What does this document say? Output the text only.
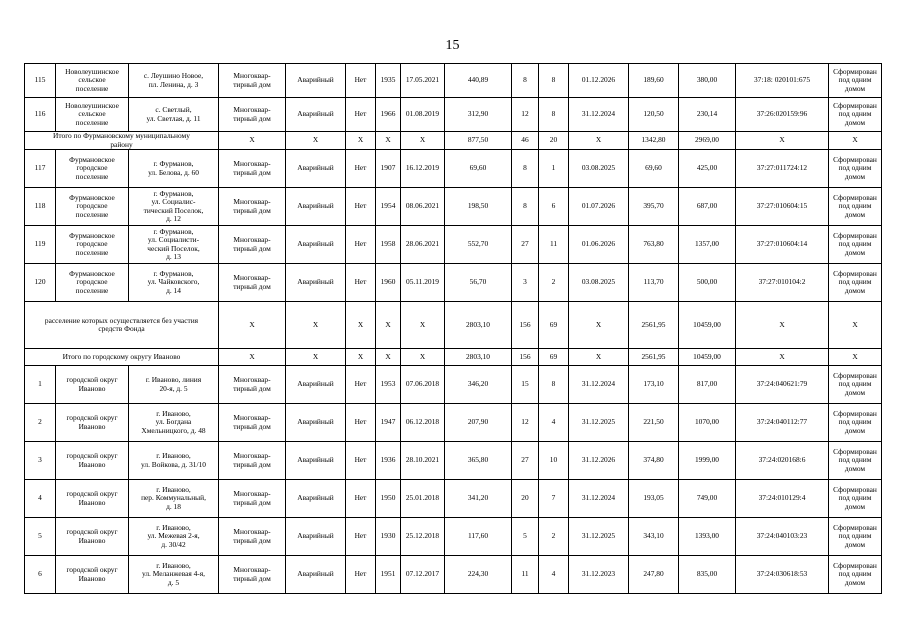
15
115	Новолеушинское
сельское
поселение	с. Леушино Новое,
пл. Ленина, д. 3	Многоквар-
тирный дом	Аварийный	Нет	1935	17.05.2021	440,89	8	8	01.12.2026	189,60	380,00	37:18: 020101:675	Сформирован
под одним
домом
116	Новолеушинское
сельское
поселение	с. Светлый,
ул. Светлая, д. 11	Многоквар-
тирный дом	Аварийный	Нет	1966	01.08.2019	312,90	12	8	31.12.2024	120,50	230,14	37:26:020159:96	Сформирован
под одним
домом
Итого по Фурмановскому муниципальному
району			Х	Х	Х	Х	Х	877,50	46	20	Х	1342,80	2969,00	Х	Х
117	Фурмановское
городское
поселение	г. Фурманов,
ул. Белова, д. 60	Многоквар-
тирный дом	Аварийный	Нет	1907	16.12.2019	69,60	8	1	03.08.2025	69,60	425,00	37:27:011724:12	Сформирован
под одним
домом
118	Фурмановское
городское
поселение	г. Фурманов,
ул. Социалис-
тический Поселок,
д. 12	Многоквар-
тирный дом	Аварийный	Нет	1954	08.06.2021	198,50	8	6	01.07.2026	395,70	687,00	37:27:010604:15	Сформирован
под одним
домом
119	Фурмановское
городское
поселение	г. Фурманов,
ул. Социалисти-
ческий Поселок,
д. 13	Многоквар-
тирный дом	Аварийный	Нет	1958	28.06.2021	552,70	27	11	01.06.2026	763,80	1357,00	37:27:010604:14	Сформирован
под одним
домом
120	Фурмановское
городское
поселение	г. Фурманов,
ул. Чайковского,
д. 14	Многоквар-
тирный дом	Аварийный	Нет	1960	05.11.2019	56,70	3	2	03.08.2025	113,70	500,00	37:27:010104:2	Сформирован
под одним
домом
расселение которых осуществляется без участия
средств Фонда			Х	Х	Х	Х	Х	2803,10	156	69	Х	2561,95	10459,00	Х	Х
Итого по городскому округу Иваново			Х	Х	Х	Х	Х	2803,10	156	69	Х	2561,95	10459,00	Х	Х
1	городской округ
Иваново	г. Иваново, линия
20-я, д. 5	Многоквар-
тирный дом	Аварийный	Нет	1953	07.06.2018	346,20	15	8	31.12.2024	173,10	817,00	37:24:040621:79	Сформирован
под одним
домом
2	городской округ
Иваново	г. Иваново,
ул. Богдана
Хмельницкого, д. 48	Многоквар-
тирный дом	Аварийный	Нет	1947	06.12.2018	207,90	12	4	31.12.2025	221,50	1070,00	37:24:040112:77	Сформирован
под одним
домом
3	городской округ
Иваново	г. Иваново,
ул. Войкова, д. 31/10	Многоквар-
тирный дом	Аварийный	Нет	1936	28.10.2021	365,80	27	10	31.12.2026	374,80	1999,00	37:24:020168:6	Сформирован
под одним
домом
4	городской округ
Иваново	г. Иваново,
пер. Коммунальный,
д. 18	Многоквар-
тирный дом	Аварийный	Нет	1950	25.01.2018	341,20	20	7	31.12.2024	193,05	749,00	37:24:010129:4	Сформирован
под одним
домом
5	городской округ
Иваново	г. Иваново,
ул. Межевая 2-я,
д. 30/42	Многоквар-
тирный дом	Аварийный	Нет	1930	25.12.2018	117,60	5	2	31.12.2025	343,10	1393,00	37:24:040103:23	Сформирован
под одним
домом
6	городской округ
Иваново	г. Иваново,
ул. Меланжевая 4-я,
д. 5	Многоквар-
тирный дом	Аварийный	Нет	1951	07.12.2017	224,30	11	4	31.12.2023	247,80	835,00	37:24:030618:53	Сформирован
под одним
домом
